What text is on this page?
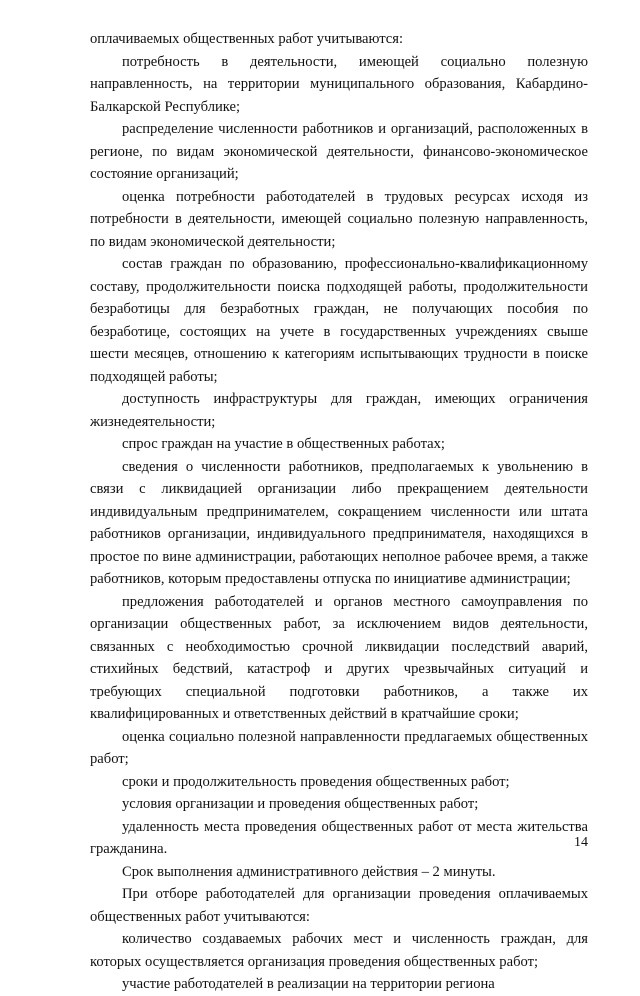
оплачиваемых общественных работ учитываются:

потребность в деятельности, имеющей социально полезную направленность, на территории муниципального образования, Кабардино-Балкарской Республике;

распределение численности работников и организаций, расположенных в регионе, по видам экономической деятельности, финансово-экономическое состояние организаций;

оценка потребности работодателей в трудовых ресурсах исходя из потребности в деятельности, имеющей социально полезную направленность, по видам экономической деятельности;

состав граждан по образованию, профессионально-квалификационному составу, продолжительности поиска подходящей работы, продолжительности безработицы для безработных граждан, не получающих пособия по безработице, состоящих на учете в государственных учреждениях свыше шести месяцев, отношению к категориям испытывающих трудности в поиске подходящей работы;

доступность инфраструктуры для граждан, имеющих ограничения жизнедеятельности;

спрос граждан на участие в общественных работах;

сведения о численности работников, предполагаемых к увольнению в связи с ликвидацией организации либо прекращением деятельности индивидуальным предпринимателем, сокращением численности или штата работников организации, индивидуального предпринимателя, находящихся в простое по вине администрации, работающих неполное рабочее время, а также работников, которым предоставлены отпуска по инициативе администрации;

предложения работодателей и органов местного самоуправления по организации общественных работ, за исключением видов деятельности, связанных с необходимостью срочной ликвидации последствий аварий, стихийных бедствий, катастроф и других чрезвычайных ситуаций и требующих специальной подготовки работников, а также их квалифицированных и ответственных действий в кратчайшие сроки;

оценка социально полезной направленности предлагаемых общественных работ;

сроки и продолжительность проведения общественных работ;

условия организации и проведения общественных работ;

удаленность места проведения общественных работ от места жительства гражданина.

Срок выполнения административного действия – 2 минуты.

При отборе работодателей для организации проведения оплачиваемых общественных работ учитываются:

количество создаваемых рабочих мест и численность граждан, для которых осуществляется организация проведения общественных работ;

участие работодателей в реализации на территории региона

14
